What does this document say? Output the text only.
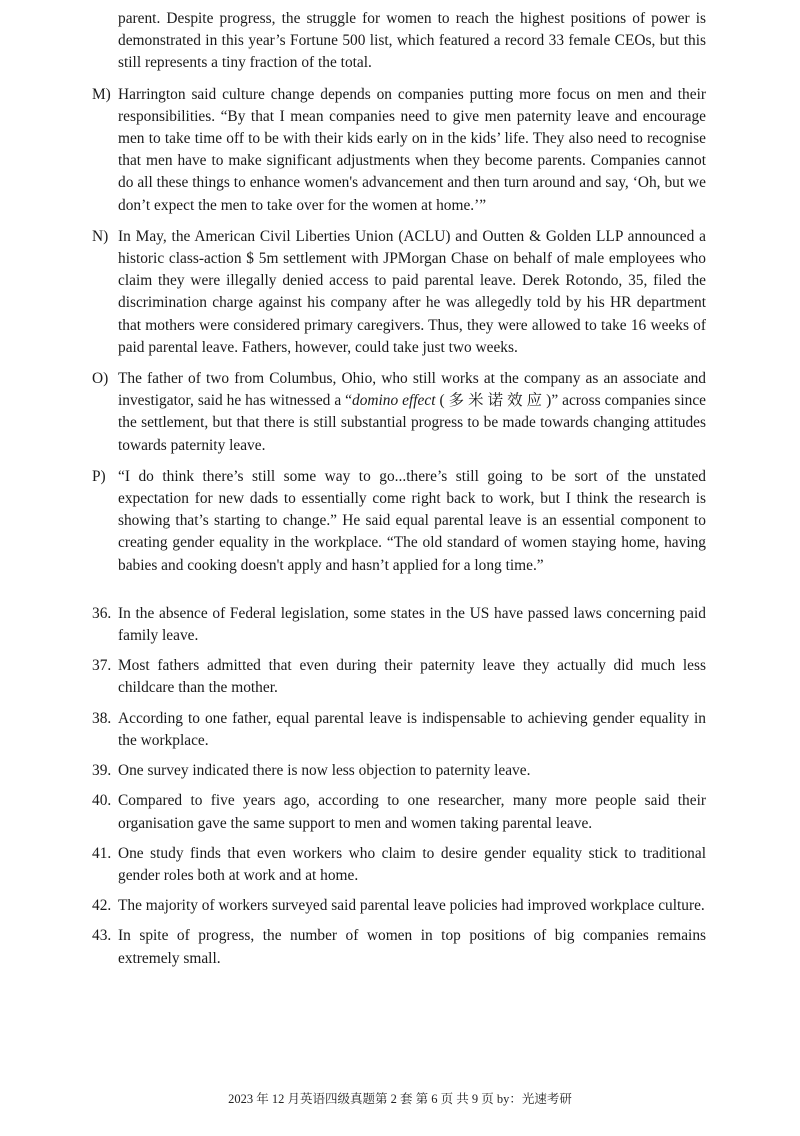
parent. Despite progress, the struggle for women to reach the highest positions of power is demonstrated in this year’s Fortune 500 list, which featured a record 33 female CEOs, but this still represents a tiny fraction of the total.
M) Harrington said culture change depends on companies putting more focus on men and their responsibilities. “By that I mean companies need to give men paternity leave and encourage men to take time off to be with their kids early on in the kids’ life. They also need to recognise that men have to make significant adjustments when they become parents. Companies cannot do all these things to enhance women's advancement and then turn around and say, ‘Oh, but we don’t expect the men to take over for the women at home.’”
N) In May, the American Civil Liberties Union (ACLU) and Outten & Golden LLP announced a historic class-action $ 5m settlement with JPMorgan Chase on behalf of male employees who claim they were illegally denied access to paid parental leave. Derek Rotondo, 35, filed the discrimination charge against his company after he was allegedly told by his HR department that mothers were considered primary caregivers. Thus, they were allowed to take 16 weeks of paid parental leave. Fathers, however, could take just two weeks.
O) The father of two from Columbus, Ohio, who still works at the company as an associate and investigator, said he has witnessed a “domino effect ( 多 米 诺 效 应 )” across companies since the settlement, but that there is still substantial progress to be made towards changing attitudes towards paternity leave.
P) “I do think there’s still some way to go...there’s still going to be sort of the unstated expectation for new dads to essentially come right back to work, but I think the research is showing that’s starting to change.” He said equal parental leave is an essential component to creating gender equality in the workplace. “The old standard of women staying home, having babies and cooking doesn't apply and hasn’t applied for a long time.”
36. In the absence of Federal legislation, some states in the US have passed laws concerning paid family leave.
37. Most fathers admitted that even during their paternity leave they actually did much less childcare than the mother.
38. According to one father, equal parental leave is indispensable to achieving gender equality in the workplace.
39. One survey indicated there is now less objection to paternity leave.
40. Compared to five years ago, according to one researcher, many more people said their organisation gave the same support to men and women taking parental leave.
41. One study finds that even workers who claim to desire gender equality stick to traditional gender roles both at work and at home.
42. The majority of workers surveyed said parental leave policies had improved workplace culture.
43. In spite of progress, the number of women in top positions of big companies remains extremely small.
2023 年 12 月英语四级真题第 2 套 第 6 页 共 9 页 by：光速考研
